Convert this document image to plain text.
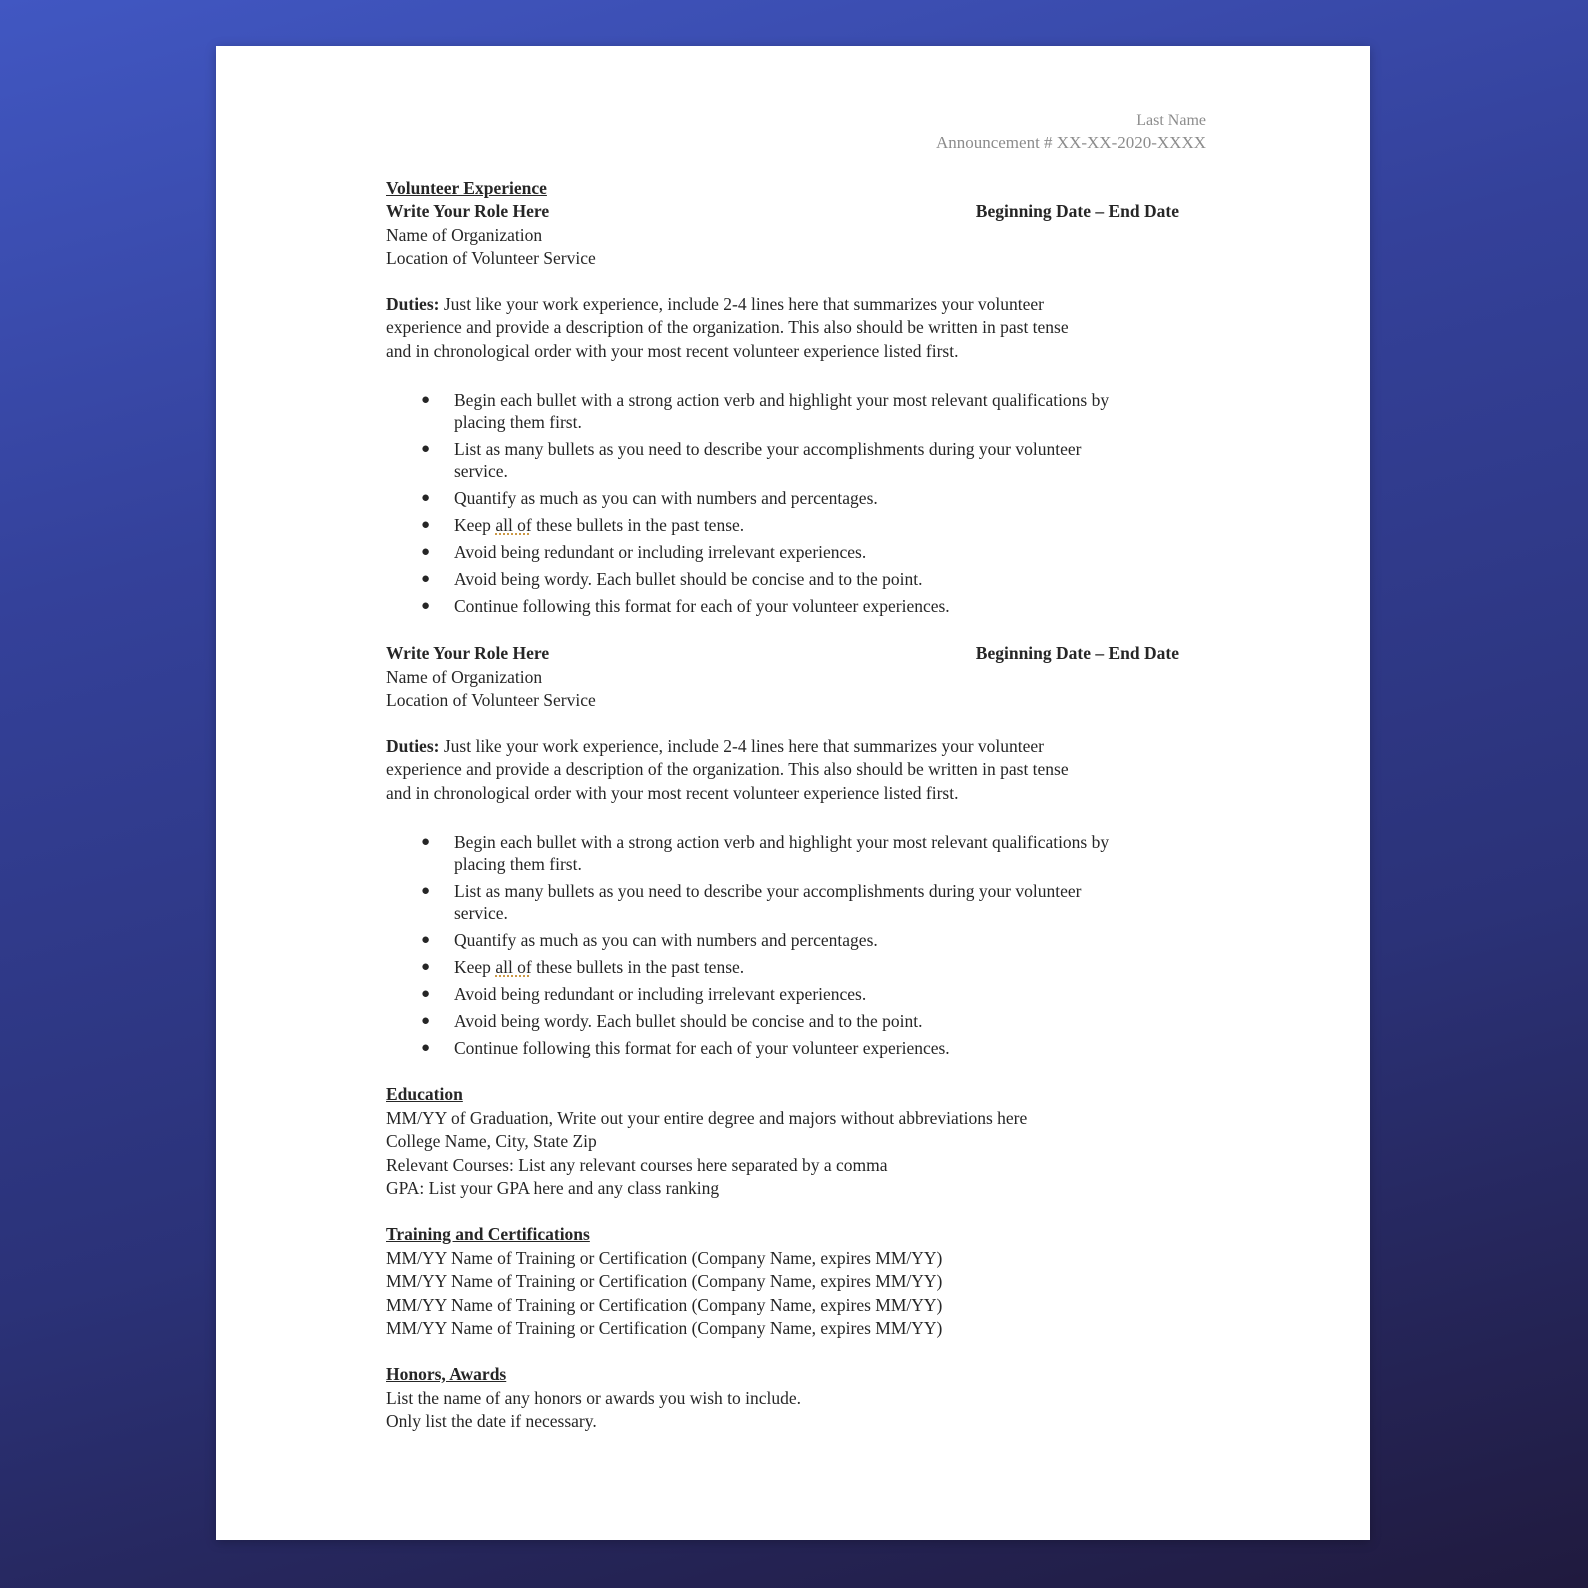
Last Name
Announcement # XX-XX-2020-XXXX
Volunteer Experience
Write Your Role Here	Beginning Date – End Date
Name of Organization
Location of Volunteer Service
Duties: Just like your work experience, include 2-4 lines here that summarizes your volunteer
experience and provide a description of the organization. This also should be written in past tense
and in chronological order with your most recent volunteer experience listed first.
● Begin each bullet with a strong action verb and highlight your most relevant qualifications by
placing them first.
● List as many bullets as you need to describe your accomplishments during your volunteer
service.
● Quantify as much as you can with numbers and percentages.
● Keep all of these bullets in the past tense.
● Avoid being redundant or including irrelevant experiences.
● Avoid being wordy. Each bullet should be concise and to the point.
● Continue following this format for each of your volunteer experiences.
Write Your Role Here	Beginning Date – End Date
Name of Organization
Location of Volunteer Service
Duties: Just like your work experience, include 2-4 lines here that summarizes your volunteer
experience and provide a description of the organization. This also should be written in past tense
and in chronological order with your most recent volunteer experience listed first.
● Begin each bullet with a strong action verb and highlight your most relevant qualifications by
placing them first.
● List as many bullets as you need to describe your accomplishments during your volunteer
service.
● Quantify as much as you can with numbers and percentages.
● Keep all of these bullets in the past tense.
● Avoid being redundant or including irrelevant experiences.
● Avoid being wordy. Each bullet should be concise and to the point.
● Continue following this format for each of your volunteer experiences.
Education
MM/YY of Graduation, Write out your entire degree and majors without abbreviations here
College Name, City, State Zip
Relevant Courses: List any relevant courses here separated by a comma
GPA: List your GPA here and any class ranking
Training and Certifications
MM/YY Name of Training or Certification (Company Name, expires MM/YY)
MM/YY Name of Training or Certification (Company Name, expires MM/YY)
MM/YY Name of Training or Certification (Company Name, expires MM/YY)
MM/YY Name of Training or Certification (Company Name, expires MM/YY)
Honors, Awards
List the name of any honors or awards you wish to include.
Only list the date if necessary.
